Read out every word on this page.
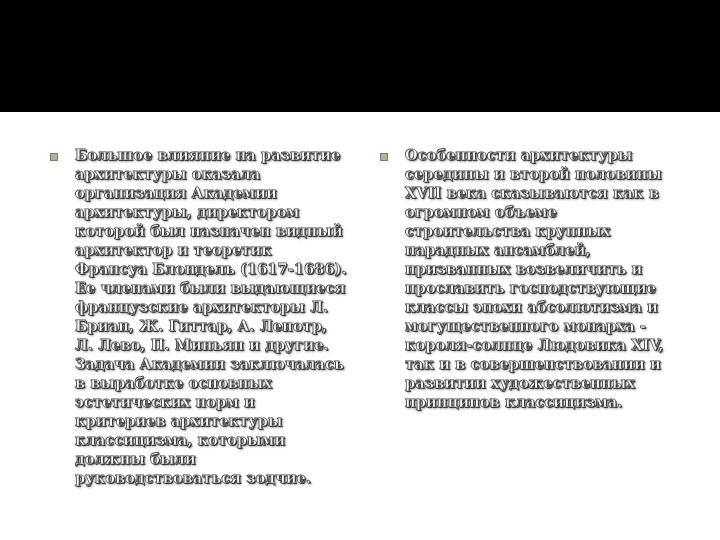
Большое влияние на развитие архитектуры оказала организация Академии архитектуры, директором которой был назначен видный архитектор и теоретик Франсуа Блондель (1617-1686). Ее членами были выдающиеся французские архитекторы Л. Бриан, Ж. Гиттар, А. Ленотр, Л. Лево, П. Миньян и другие. Задача Академии заключалась в выработке основных эстетических норм и критериев архитектуры классицизма, которыми должны были руководствоваться зодчие.

Особенности архитектуры середины и второй половины XVII века сказываются как в огромном объеме строительства крупных парадных ансамблей, призванных возвеличить и прославить господствующие классы эпохи абсолютизма и могущественного монарха - короля-солнце Людовика XIV, так и в совершенствовании и развитии художественных принципов классицизма.
